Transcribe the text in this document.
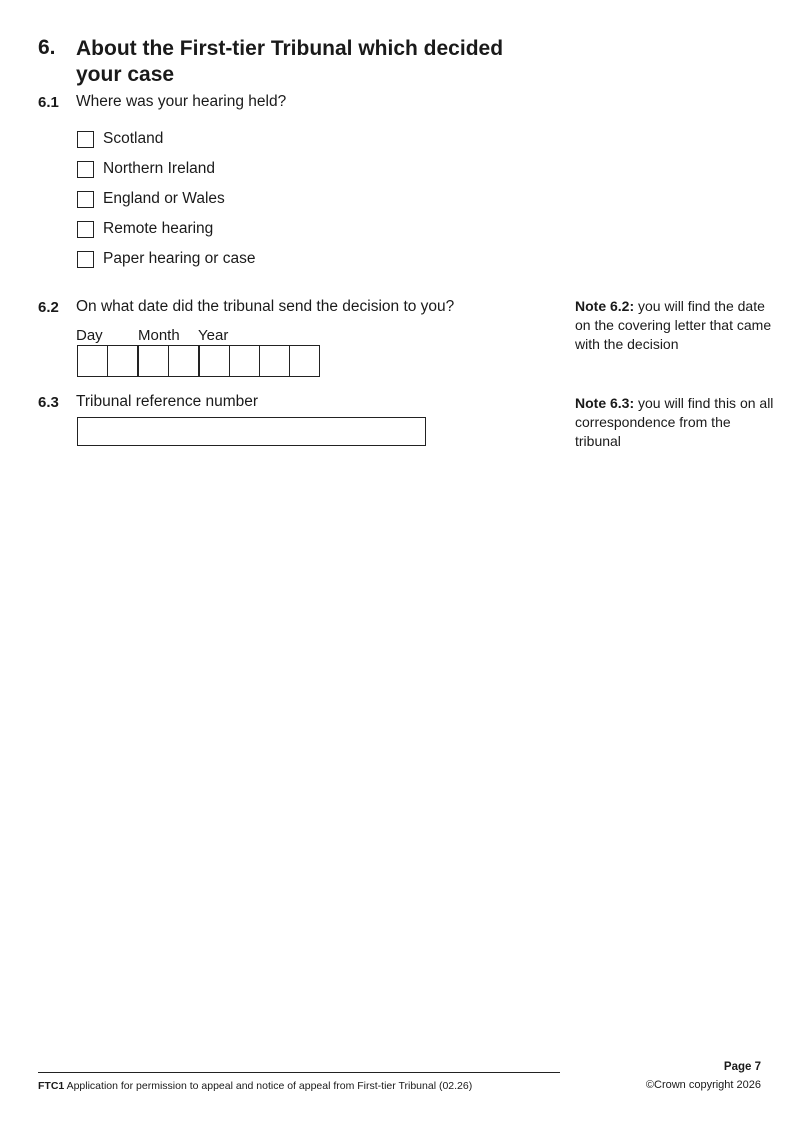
6. About the First-tier Tribunal which decided your case
6.1 Where was your hearing held?
Scotland
Northern Ireland
England or Wales
Remote hearing
Paper hearing or case
6.2 On what date did the tribunal send the decision to you?
Day Month Year
Note 6.2: you will find the date on the covering letter that came with the decision
6.3 Tribunal reference number	Note 6.3: you will find this on all correspondence from the tribunal
FTC1 Application for permission to appeal and notice of appeal from First-tier Tribunal (02.26)
Page 7
©Crown copyright 2026
